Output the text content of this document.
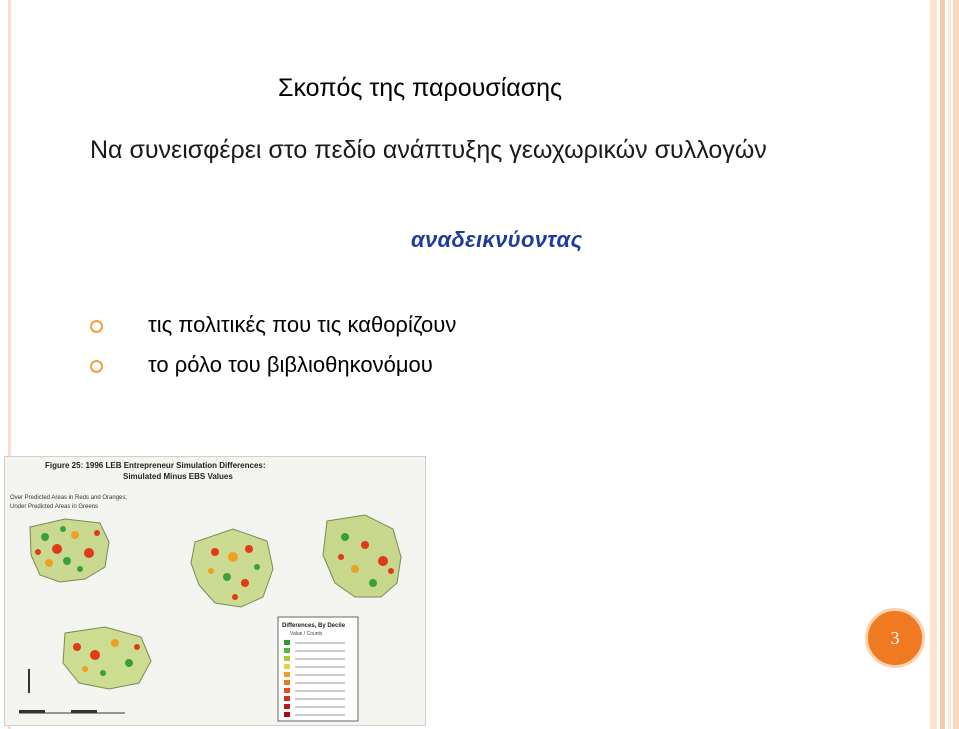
Σκοπός της παρουσίασης
Να συνεισφέρει στο πεδίο ανάπτυξης γεωχωρικών συλλογών
αναδεικνύοντας
τις πολιτικές που τις καθορίζουν
το ρόλο του βιβλιοθηκονόμου
Figure 25: 1996 LEB Entrepreneur Simulation Differences:
Simulated Minus EBS Values
Over Predicted Areas in Reds and Oranges;
Under Predicted Areas in Greens
Differences, By Decile
Value / Counts	3
